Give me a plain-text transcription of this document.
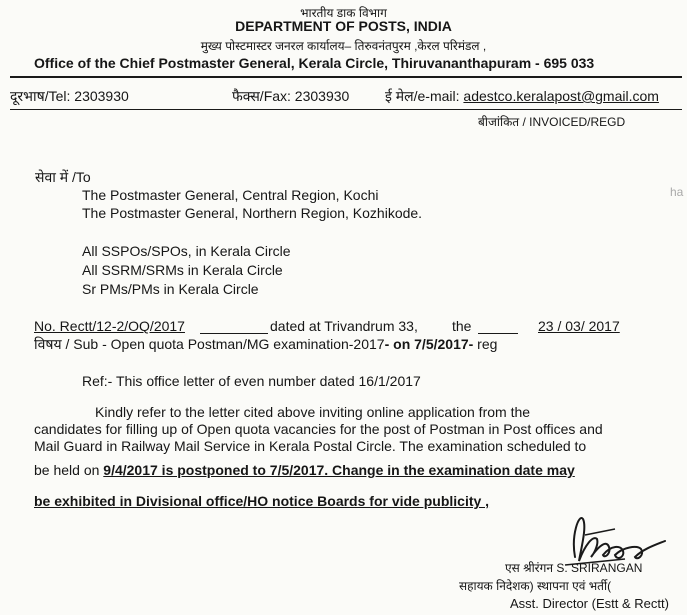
भारतीय डाक विभाग
DEPARTMENT OF POSTS, INDIA
मुख्य पोस्टमास्टर जनरल कार्यालय– तिरुवनंतपुरम ,केरल परिमंडल ,
Office of the Chief Postmaster General, Kerala Circle, Thiruvananthapuram - 695 033
दूरभाष/Tel: 2303930	फैक्स/Fax: 2303930	ई मेल/e-mail: adestco.keralapost@gmail.com
बीजांकित / INVOICED/REGD
सेवा में /To
The Postmaster General, Central Region, Kochi
The Postmaster General, Northern Region, Kozhikode.
All SSPOs/SPOs, in Kerala Circle
All SSRM/SRMs in Kerala Circle
Sr PMs/PMs in Kerala Circle
No. Rectt/12-2/OQ/2017	dated at Trivandrum 33, the	23 / 03/ 2017
विषय / Sub - Open quota Postman/MG examination-2017- on 7/5/2017- reg
Ref:- This office letter of even number dated 16/1/2017
Kindly refer to the letter cited above inviting online application from the
candidates for filling up of Open quota vacancies for the post of Postman in Post offices and
Mail Guard in Railway Mail Service in Kerala Postal Circle. The examination scheduled to
be held on 9/4/2017 is postponed to 7/5/2017. Change in the examination date may
be exhibited in Divisional office/HO notice Boards for vide publicity ,
एस श्रीरंगन S. SRIRANGAN
सहायक निदेशक) स्थापना एवं भर्ती(
Asst. Director (Estt & Rectt)
ha
